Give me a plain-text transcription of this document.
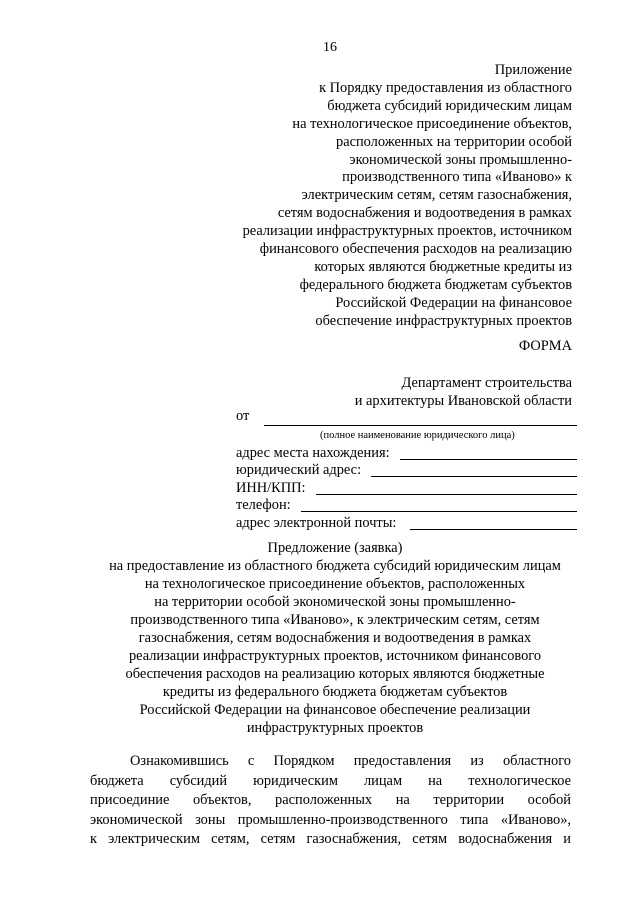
16
Приложение
к Порядку предоставления из областного
бюджета субсидий юридическим лицам
на технологическое присоединение объектов,
расположенных на территории особой
экономической зоны промышленно-
производственного типа «Иваново» к
электрическим сетям, сетям газоснабжения,
сетям водоснабжения и водоотведения в рамках
реализации инфраструктурных проектов, источником
финансового обеспечения расходов на реализацию
которых являются бюджетные кредиты из
федерального бюджета бюджетам субъектов
Российской Федерации на финансовое
обеспечение инфраструктурных проектов
ФОРМА
Департамент строительства
и архитектуры Ивановской области
от
(полное наименование юридического лица)
адрес места нахождения:
юридический адрес:
ИНН/КПП:
телефон:
адрес электронной почты:
Предложение (заявка)
на предоставление из областного бюджета субсидий юридическим лицам
на технологическое присоединение объектов, расположенных
на территории особой экономической зоны промышленно-
производственного типа «Иваново», к электрическим сетям, сетям
газоснабжения, сетям водоснабжения и водоотведения в рамках
реализации инфраструктурных проектов, источником финансового
обеспечения расходов на реализацию которых являются бюджетные
кредиты из федерального бюджета бюджетам субъектов
Российской Федерации на финансовое обеспечение реализации
инфраструктурных проектов
Ознакомившись с Порядком предоставления из областного
бюджета субсидий юридическим лицам на технологическое
присоединие объектов, расположенных на территории особой
экономической зоны промышленно-производственного типа «Иваново»,
к электрическим сетям, сетям газоснабжения, сетям водоснабжения и
